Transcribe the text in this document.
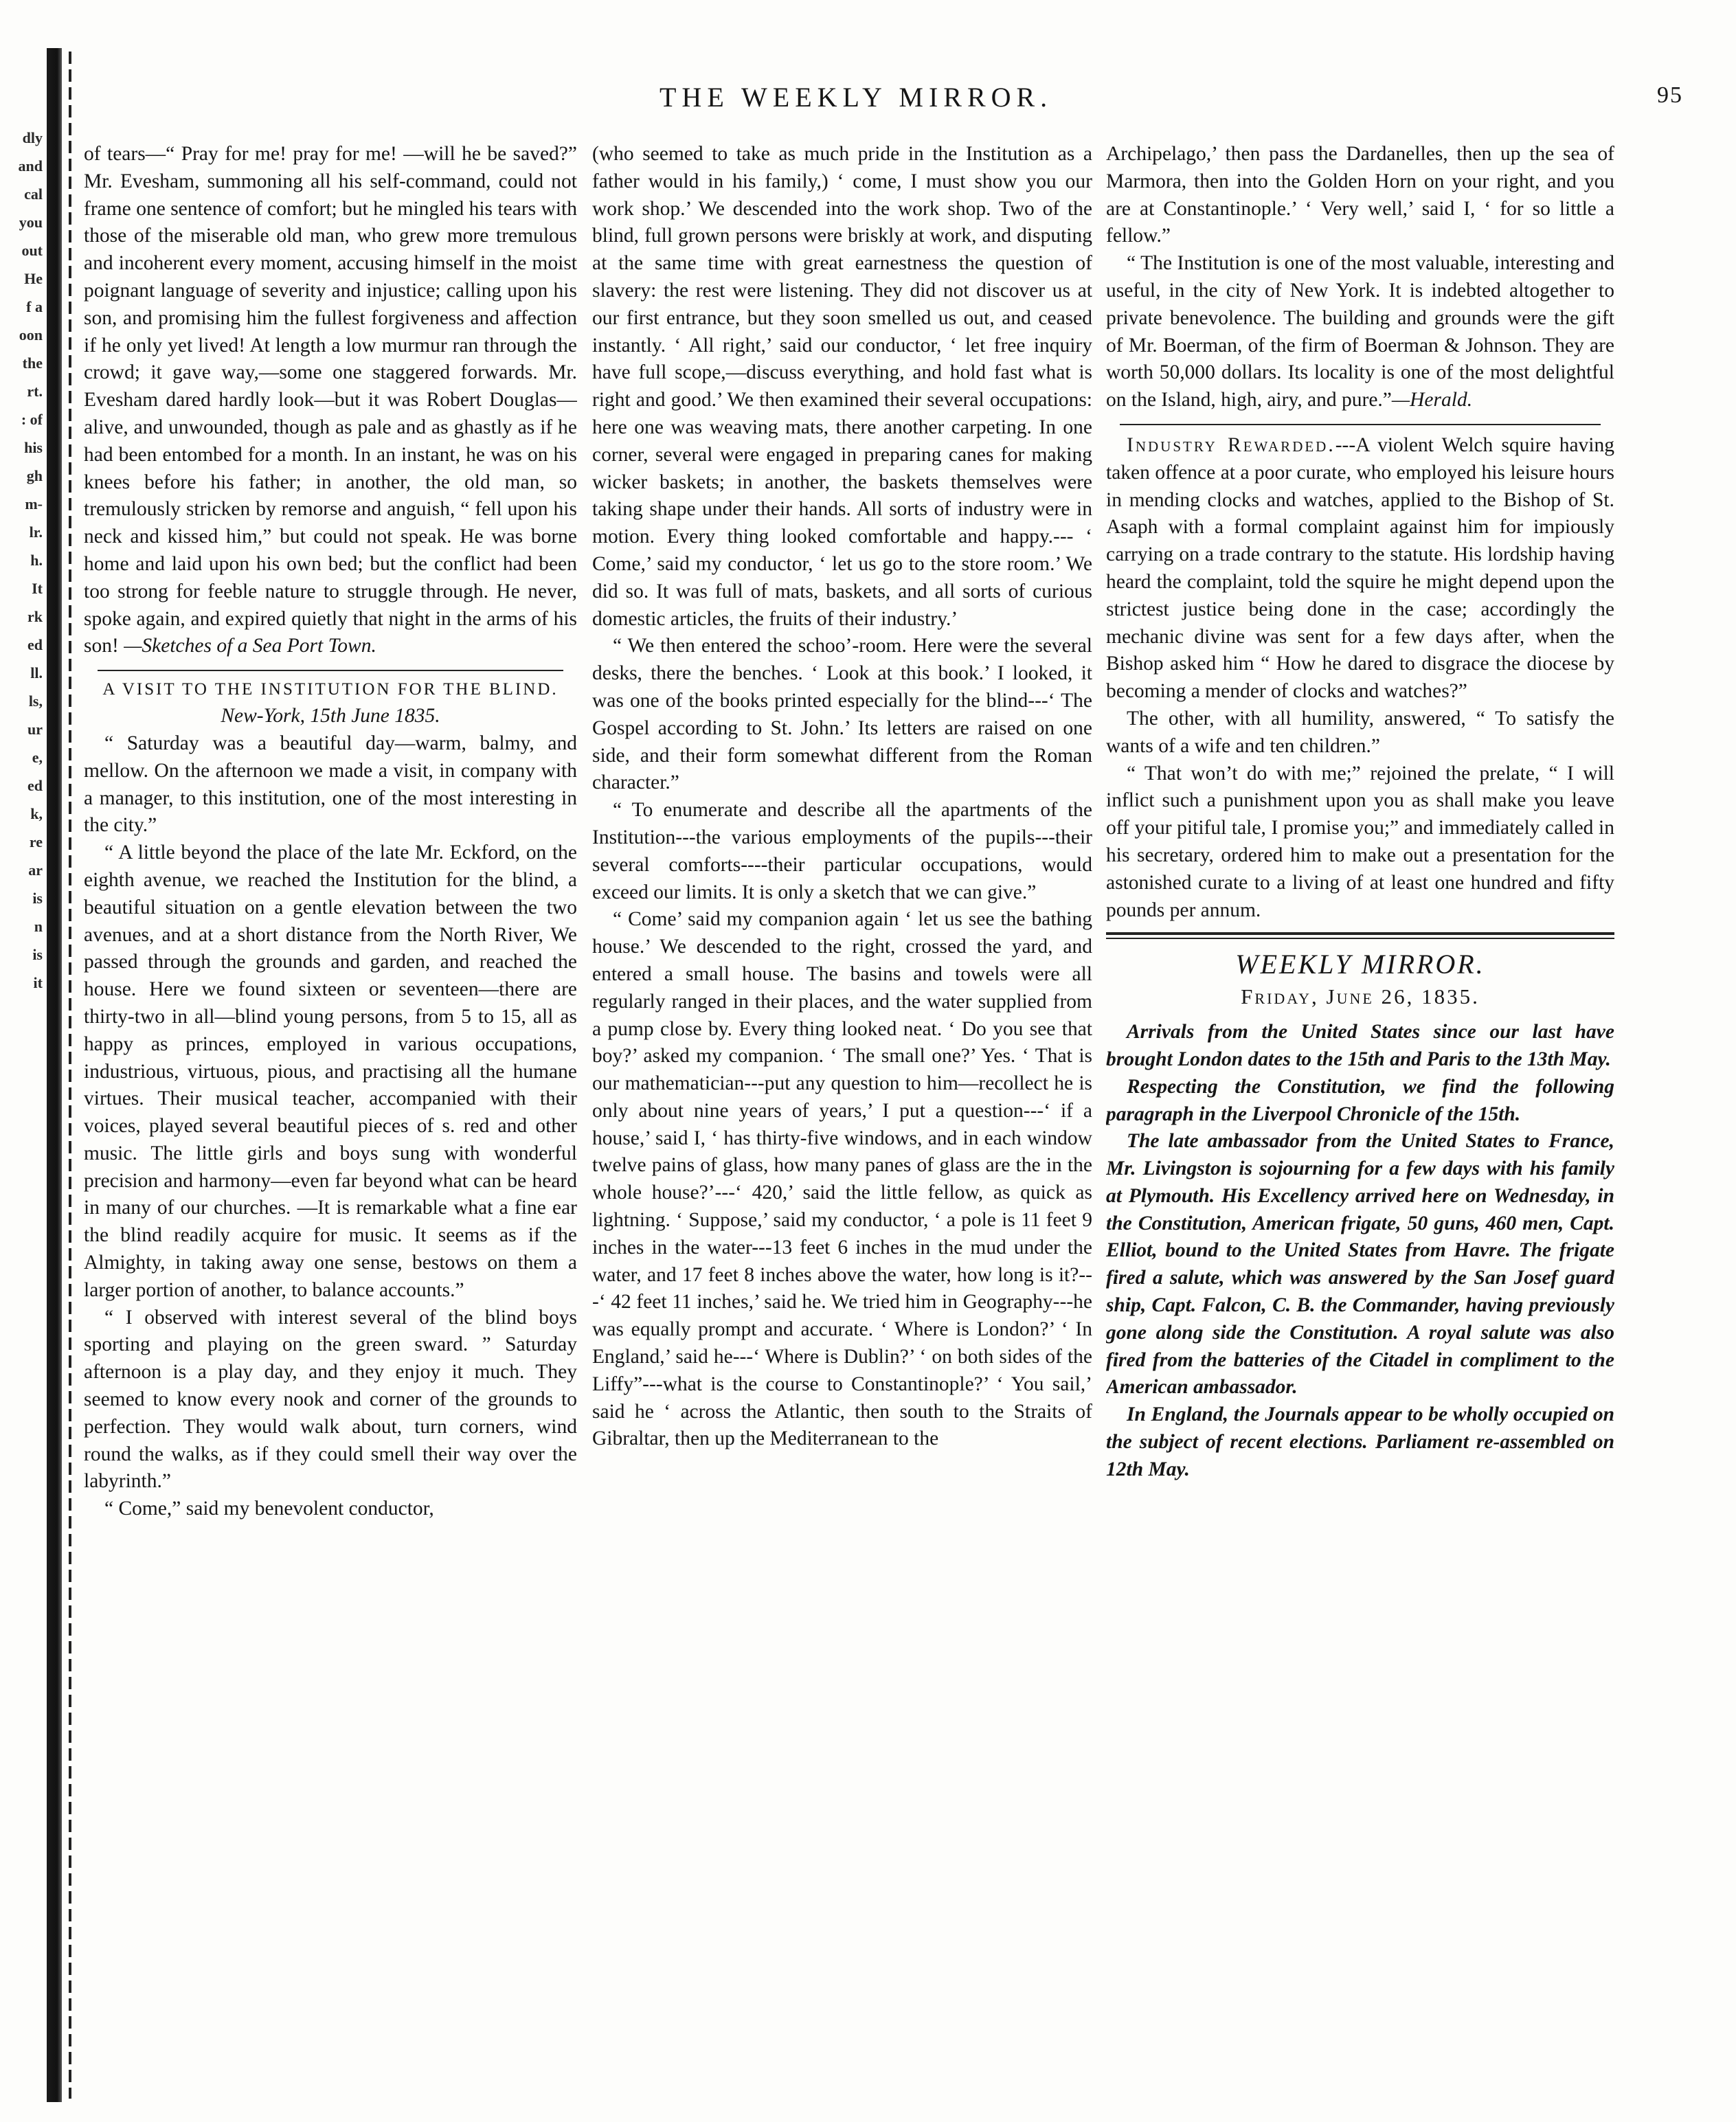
dly
and
cal
you
out
He
f a
oon
the
rt.
: of
his
gh
m-
lr.
h.
It
rk
ed
ll.
ls,
ur
e,
ed
k,
re
ar
is
n
is
it
THE WEEKLY MIRROR.	95

of tears—“ Pray for me! pray for me! —will he be saved?” Mr. Evesham, summoning all his self-command, could not frame one sentence of comfort; but he mingled his tears with those of the miserable old man, who grew more tremulous and incoherent every moment, accusing himself in the moist poignant language of severity and injustice; calling upon his son, and promising him the fullest forgiveness and affection if he only yet lived! At length a low murmur ran through the crowd; it gave way,—some one staggered forwards. Mr. Evesham dared hardly look—but it was Robert Douglas—alive, and unwounded, though as pale and as ghastly as if he had been entombed for a month. In an instant, he was on his knees before his father; in another, the old man, so tremulously stricken by remorse and anguish, “ fell upon his neck and kissed him,” but could not speak. He was borne home and laid upon his own bed; but the conflict had been too strong for feeble nature to struggle through. He never, spoke again, and expired quietly that night in the arms of his son! —Sketches of a Sea Port Town.

A VISIT TO THE INSTITUTION FOR THE BLIND.

New-York, 15th June 1835.

“ Saturday was a beautiful day—warm, balmy, and mellow. On the afternoon we made a visit, in company with a manager, to this institution, one of the most interesting in the city.”

“ A little beyond the place of the late Mr. Eckford, on the eighth avenue, we reached the Institution for the blind, a beautiful situation on a gentle elevation between the two avenues, and at a short distance from the North River, We passed through the grounds and garden, and reached the house. Here we found sixteen or seventeen—there are thirty-two in all—blind young persons, from 5 to 15, all as happy as princes, employed in various occupations, industrious, virtuous, pious, and practising all the humane virtues. Their musical teacher, accompanied with their voices, played several beautiful pieces of s. red and other music. The little girls and boys sung with wonderful precision and harmony—even far beyond what can be heard in many of our churches. —It is remarkable what a fine ear the blind readily acquire for music. It seems as if the Almighty, in taking away one sense, bestows on them a larger portion of another, to balance accounts.”

“ I observed with interest several of the blind boys sporting and playing on the green sward. ” Saturday afternoon is a play day, and they enjoy it much. They seemed to know every nook and corner of the grounds to perfection. They would walk about, turn corners, wind round the walks, as if they could smell their way over the labyrinth.”

“ Come,” said my benevolent conductor,

(who seemed to take as much pride in the Institution as a father would in his family,) ‘ come, I must show you our work shop.’ We descended into the work shop. Two of the blind, full grown persons were briskly at work, and disputing at the same time with great earnestness the question of slavery: the rest were listening. They did not discover us at our first entrance, but they soon smelled us out, and ceased instantly. ‘ All right,’ said our conductor, ‘ let free inquiry have full scope,—discuss everything, and hold fast what is right and good.’ We then examined their several occupations: here one was weaving mats, there another carpeting. In one corner, several were engaged in preparing canes for making wicker baskets; in another, the baskets themselves were taking shape under their hands. All sorts of industry were in motion. Every thing looked comfortable and happy.--- ‘ Come,’ said my conductor, ‘ let us go to the store room.’ We did so. It was full of mats, baskets, and all sorts of curious domestic articles, the fruits of their industry.’

“ We then entered the schoo’-room. Here were the several desks, there the benches. ‘ Look at this book.’ I looked, it was one of the books printed especially for the blind---‘ The Gospel according to St. John.’ Its letters are raised on one side, and their form somewhat different from the Roman character.”

“ To enumerate and describe all the apartments of the Institution---the various employments of the pupils---their several comforts----their particular occupations, would exceed our limits. It is only a sketch that we can give.”

“ Come’ said my companion again ‘ let us see the bathing house.’ We descended to the right, crossed the yard, and entered a small house. The basins and towels were all regularly ranged in their places, and the water supplied from a pump close by. Every thing looked neat. ‘ Do you see that boy?’ asked my companion. ‘ The small one?’ Yes. ‘ That is our mathematician---put any question to him—recollect he is only about nine years of years,’ I put a question---‘ if a house,’ said I, ‘ has thirty-five windows, and in each window twelve pains of glass, how many panes of glass are the in the whole house?’---‘ 420,’ said the little fellow, as quick as lightning. ‘ Suppose,’ said my conductor, ‘ a pole is 11 feet 9 inches in the water---13 feet 6 inches in the mud under the water, and 17 feet 8 inches above the water, how long is it?---‘ 42 feet 11 inches,’ said he. We tried him in Geography---he was equally prompt and accurate. ‘ Where is London?’ ‘ In England,’ said he---‘ Where is Dublin?’ ‘ on both sides of the Liffy”---what is the course to Constantinople?’ ‘ You sail,’ said he ‘ across the Atlantic, then south to the Straits of Gibraltar, then up the Mediterranean to the

Archipelago,’ then pass the Dardanelles, then up the sea of Marmora, then into the Golden Horn on your right, and you are at Constantinople.’ ‘ Very well,’ said I, ‘ for so little a fellow.”

“ The Institution is one of the most valuable, interesting and useful, in the city of New York. It is indebted altogether to private benevolence. The building and grounds were the gift of Mr. Boerman, of the firm of Boerman & Johnson. They are worth 50,000 dollars. Its locality is one of the most delightful on the Island, high, airy, and pure.”—Herald.

Industry Rewarded.---A violent Welch squire having taken offence at a poor curate, who employed his leisure hours in mending clocks and watches, applied to the Bishop of St. Asaph with a formal complaint against him for impiously carrying on a trade contrary to the statute. His lordship having heard the complaint, told the squire he might depend upon the strictest justice being done in the case; accordingly the mechanic divine was sent for a few days after, when the Bishop asked him “ How he dared to disgrace the diocese by becoming a mender of clocks and watches?”

The other, with all humility, answered, “ To satisfy the wants of a wife and ten children.”

“ That won’t do with me;” rejoined the prelate, “ I will inflict such a punishment upon you as shall make you leave off your pitiful tale, I promise you;” and immediately called in his secretary, ordered him to make out a presentation for the astonished curate to a living of at least one hundred and fifty pounds per annum.

WEEKLY MIRROR.
Friday, June 26, 1835.

Arrivals from the United States since our last have brought London dates to the 15th and Paris to the 13th May.

Respecting the Constitution, we find the following paragraph in the Liverpool Chronicle of the 15th.

The late ambassador from the United States to France, Mr. Livingston is sojourning for a few days with his family at Plymouth. His Excellency arrived here on Wednesday, in the Constitution, American frigate, 50 guns, 460 men, Capt. Elliot, bound to the United States from Havre. The frigate fired a salute, which was answered by the San Josef guard ship, Capt. Falcon, C. B. the Commander, having previously gone along side the Constitution. A royal salute was also fired from the batteries of the Citadel in compliment to the American ambassador.

In England, the Journals appear to be wholly occupied on the subject of recent elections. Parliament re-assembled on 12th May.
